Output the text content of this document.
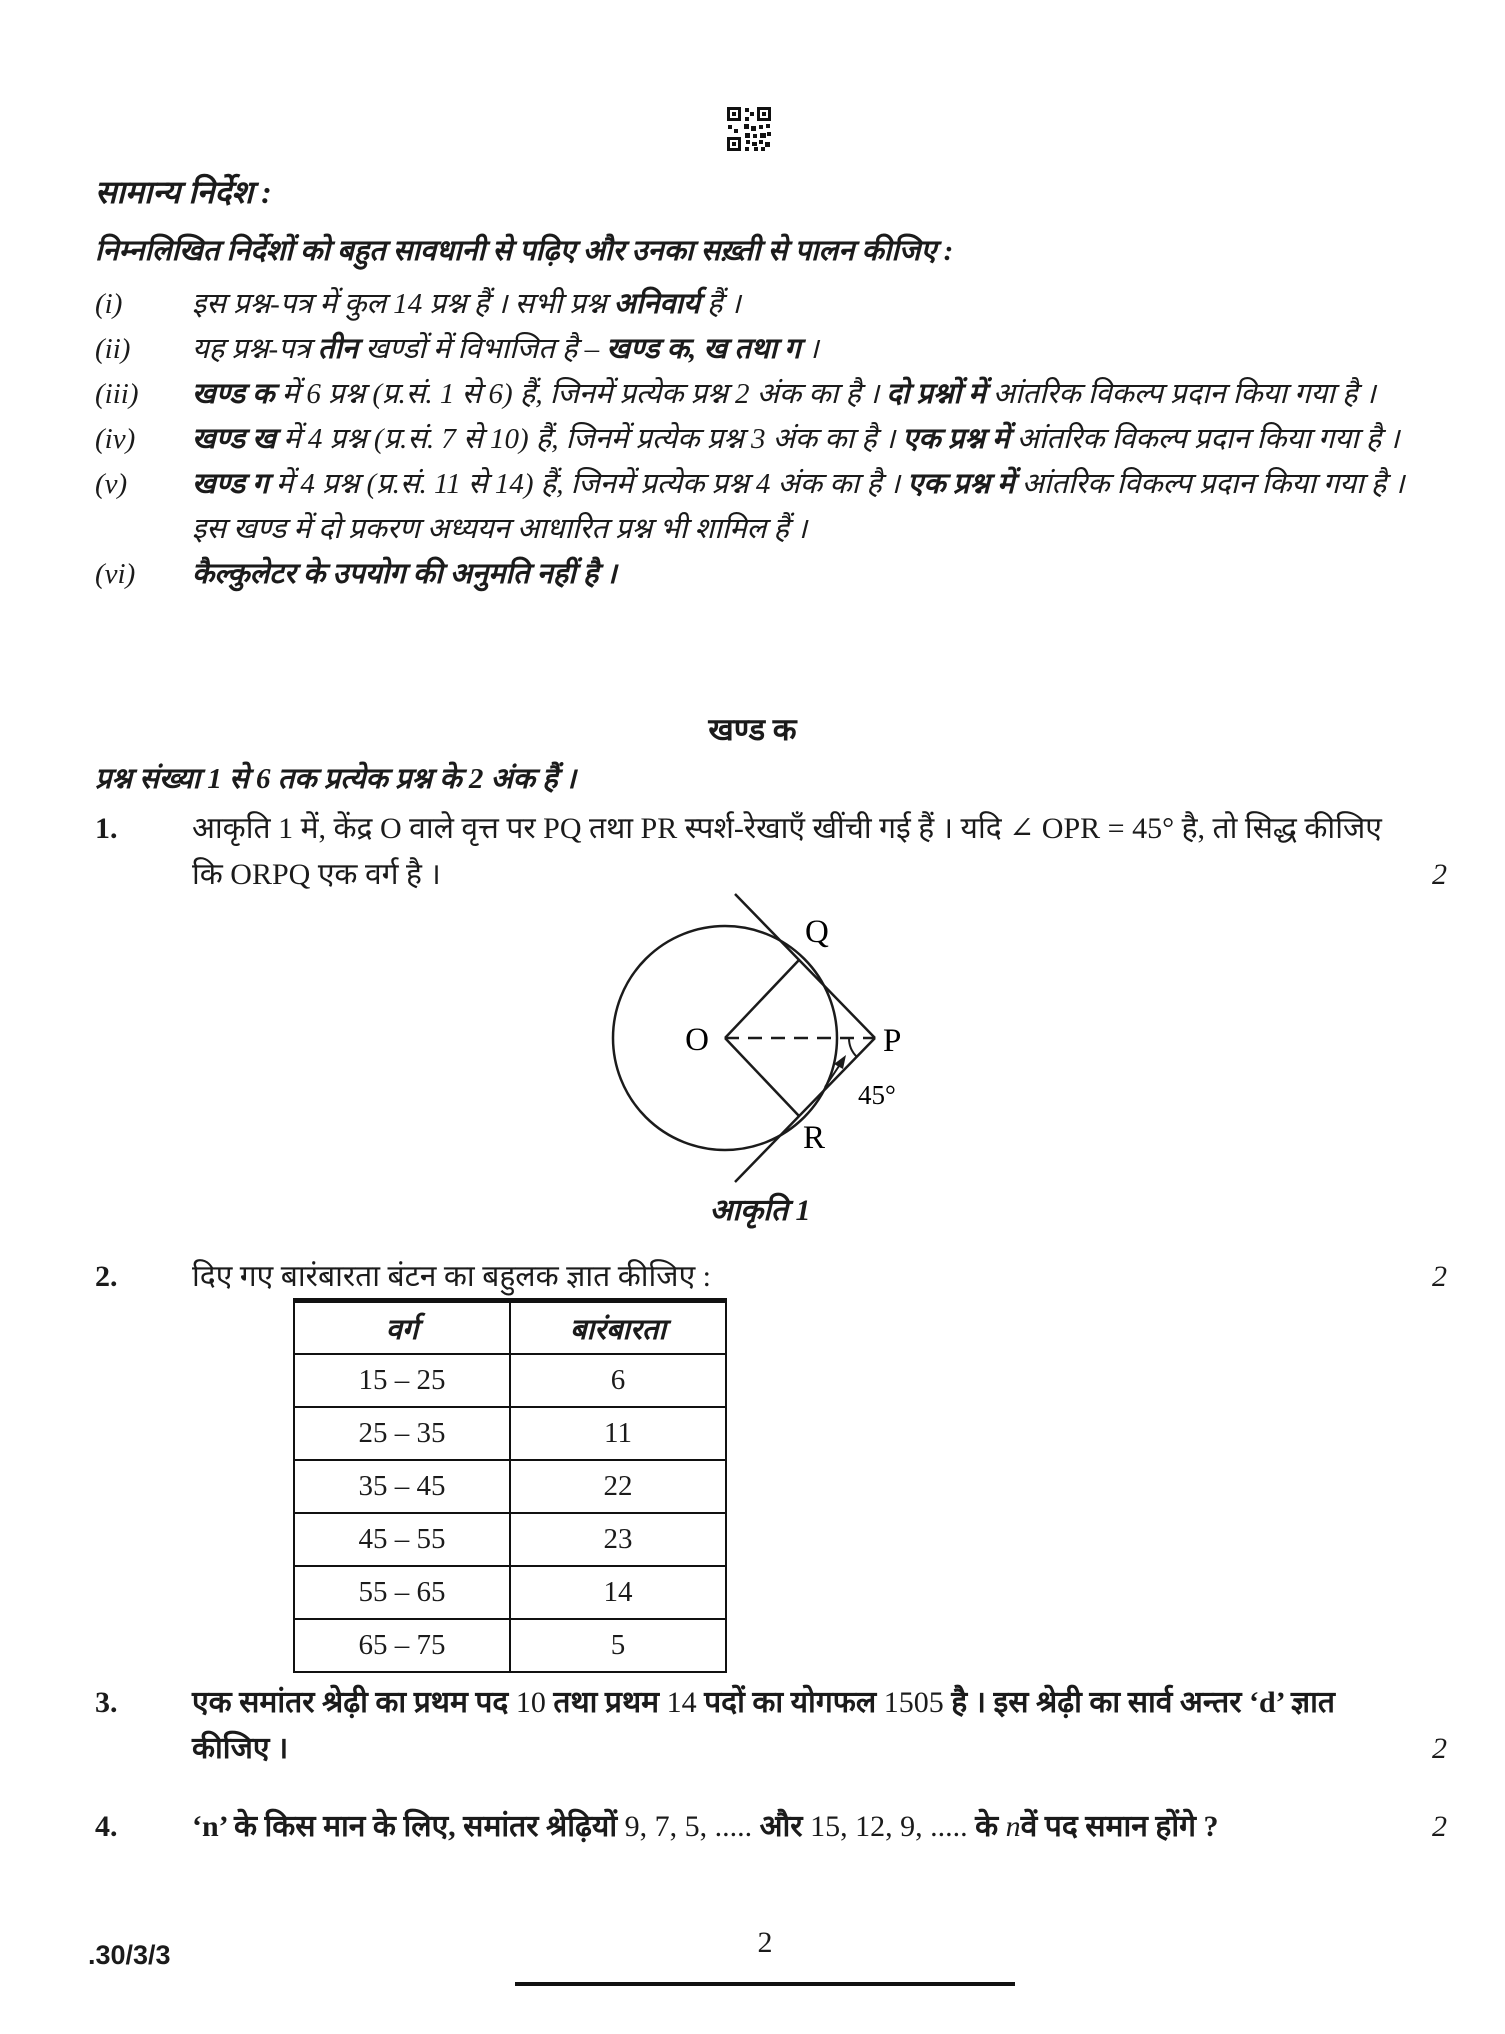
सामान्य निर्देश :
निम्नलिखित निर्देशों को बहुत सावधानी से पढ़िए और उनका सख़्ती से पालन कीजिए :
(i)	इस प्रश्न-पत्र में कुल 14 प्रश्न हैं । सभी प्रश्न अनिवार्य हैं ।
(ii)	यह प्रश्न-पत्र तीन खण्डों में विभाजित है – खण्ड क, ख तथा ग ।
(iii)	खण्ड क में 6 प्रश्न (प्र.सं. 1 से 6) हैं, जिनमें प्रत्येक प्रश्न 2 अंक का है । दो प्रश्नों में आंतरिक विकल्प प्रदान किया गया है ।
(iv)	खण्ड ख में 4 प्रश्न (प्र.सं. 7 से 10) हैं, जिनमें प्रत्येक प्रश्न 3 अंक का है । एक प्रश्न में आंतरिक विकल्प प्रदान किया गया है ।
(v)	खण्ड ग में 4 प्रश्न (प्र.सं. 11 से 14) हैं, जिनमें प्रत्येक प्रश्न 4 अंक का है । एक प्रश्न में आंतरिक विकल्प प्रदान किया गया है । इस खण्ड में दो प्रकरण अध्ययन आधारित प्रश्न भी शामिल हैं ।
(vi)	कैल्कुलेटर के उपयोग की अनुमति नहीं है ।
खण्ड क
प्रश्न संख्या 1 से 6 तक प्रत्येक प्रश्न के 2 अंक हैं ।
1.	आकृति 1 में, केंद्र O वाले वृत्त पर PQ तथा PR स्पर्श-रेखाएँ खींची गई हैं । यदि ∠ OPR = 45° है, तो सिद्ध कीजिए कि ORPQ एक वर्ग है ।	2
O
Q
P
R
45°
आकृति 1
2.	दिए गए बारंबारता बंटन का बहुलक ज्ञात कीजिए :	2
वर्ग	बारंबारता
15 – 25	6
25 – 35	11
35 – 45	22
45 – 55	23
55 – 65	14
65 – 75	5
3.	एक समांतर श्रेढ़ी का प्रथम पद 10 तथा प्रथम 14 पदों का योगफल 1505 है । इस श्रेढ़ी का सार्व अन्तर ‘d’ ज्ञात कीजिए ।	2
4.	‘n’ के किस मान के लिए, समांतर श्रेढ़ियों 9, 7, 5, ..... और 15, 12, 9, ..... के nवें पद समान होंगे ?	2
.30/3/3	2
